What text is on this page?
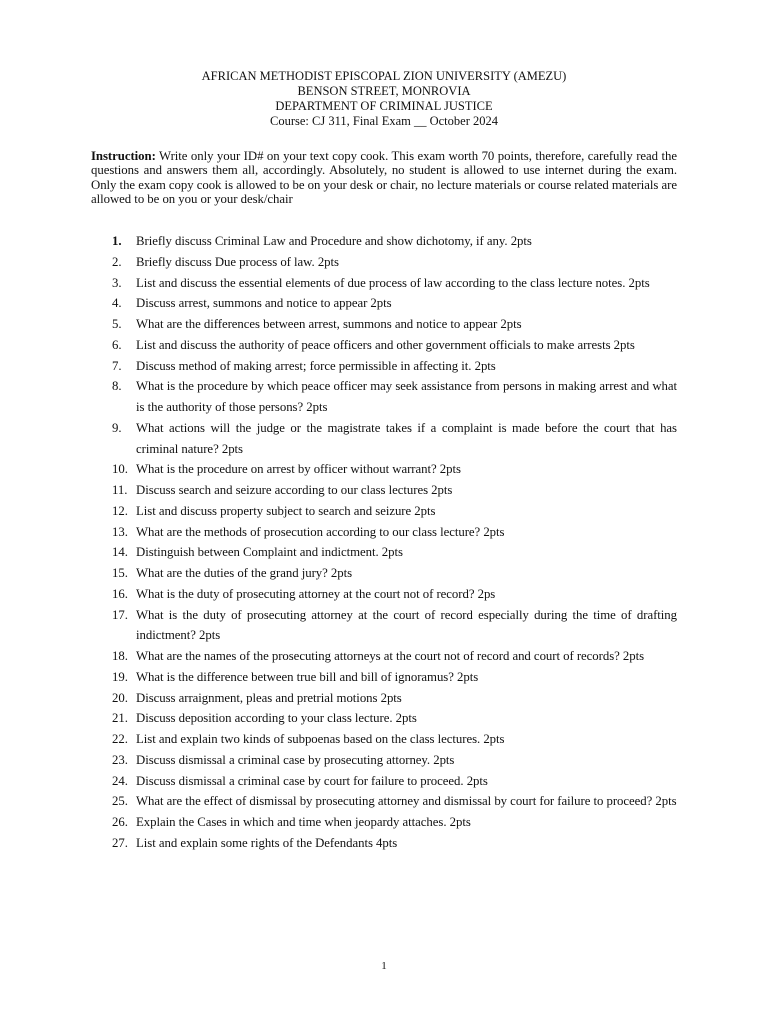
AFRICAN METHODIST EPISCOPAL ZION UNIVERSITY (AMEZU)
BENSON STREET, MONROVIA
DEPARTMENT OF CRIMINAL JUSTICE
Course: CJ 311, Final Exam __ October 2024
Instruction: Write only your ID# on your text copy cook. This exam worth 70 points, therefore, carefully read the questions and answers them all, accordingly. Absolutely, no student is allowed to use internet during the exam. Only the exam copy cook is allowed to be on your desk or chair, no lecture materials or course related materials are allowed to be on you or your desk/chair
1.	Briefly discuss Criminal Law and Procedure and show dichotomy, if any. 2pts
2.	Briefly discuss Due process of law. 2pts
3.	List and discuss the essential elements of due process of law according to the class lecture notes. 2pts
4.	Discuss arrest, summons and notice to appear 2pts
5.	What are the differences between arrest, summons and notice to appear 2pts
6.	List and discuss the authority of peace officers and other government officials to make arrests 2pts
7.	Discuss method of making arrest; force permissible in affecting it. 2pts
8.	What is the procedure by which peace officer may seek assistance from persons in making arrest and what is the authority of those persons? 2pts
9.	What actions will the judge or the magistrate takes if a complaint is made before the court that has criminal nature? 2pts
10. What is the procedure on arrest by officer without warrant? 2pts
11. Discuss search and seizure according to our class lectures 2pts
12. List and discuss property subject to search and seizure 2pts
13. What are the methods of prosecution according to our class lecture? 2pts
14. Distinguish between Complaint and indictment. 2pts
15. What are the duties of the grand jury? 2pts
16. What is the duty of prosecuting attorney at the court not of record? 2ps
17. What is the duty of prosecuting attorney at the court of record especially during the time of drafting indictment? 2pts
18. What are the names of the prosecuting attorneys at the court not of record and court of records? 2pts
19. What is the difference between true bill and bill of ignoramus? 2pts
20. Discuss arraignment, pleas and pretrial motions 2pts
21. Discuss deposition according to your class lecture. 2pts
22. List and explain two kinds of subpoenas based on the class lectures. 2pts
23. Discuss dismissal a criminal case by prosecuting attorney. 2pts
24. Discuss dismissal a criminal case by court for failure to proceed. 2pts
25. What are the effect of dismissal by prosecuting attorney and dismissal by court for failure to proceed? 2pts
26. Explain the Cases in which and time when jeopardy attaches. 2pts
27. List and explain some rights of the Defendants 4pts
1
